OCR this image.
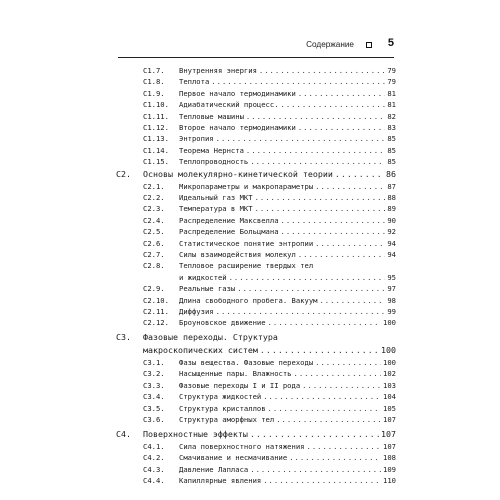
Содержание	5
С1.7.	Внутренняя энергия .....	79
С1.8.	Теплота .....	79
С1.9.	Первое начало термодинамики .....	81
С1.10.	Адиабатический процесс. .....	81
С1.11.	Тепловые машины .....	82
С1.12.	Второе начало термодинамики .....	83
С1.13.	Энтропия .....	85
С1.14.	Теорема Нернста .....	85
С1.15.	Теплопроводность .....	85
С2.	Основы молекулярно-кинетической теории .....	86
С2.1.	Микропараметры и макропараметры .....	87
С2.2.	Идеальный газ МКТ .....	88
С2.3.	Температура в МКТ .....	89
С2.4.	Распределение Максвелла .....	90
С2.5.	Распределение Больцмана .....	92
С2.6.	Статистическое понятие энтропии .....	94
С2.7.	Силы взаимодействия молекул .....	94
С2.8.	Тепловое расширение твердых тел
и жидкостей .....	95
С2.9.	Реальные газы .....	97
С2.10.	Длина свободного пробега. Вакуум .....	98
С2.11.	Диффузия .....	99
С2.12.	Броуновское движение .....	100
С3.	Фазовые переходы. Структура
макроскопических систем .....	100
С3.1.	Фазы вещества. Фазовые переходы .....	100
С3.2.	Насыщенные пары. Влажность .....	102
С3.3.	Фазовые переходы I и II рода .....	103
С3.4.	Структура жидкостей .....	104
С3.5.	Структура кристаллов .....	105
С3.6.	Структура аморфных тел .....	107
С4.	Поверхностные эффекты .....	107
С4.1.	Сила поверхностного натяжения .....	107
С4.2.	Смачивание и несмачивание .....	108
С4.3.	Давление Лапласа .....	109
С4.4.	Капиллярные явления .....	110
